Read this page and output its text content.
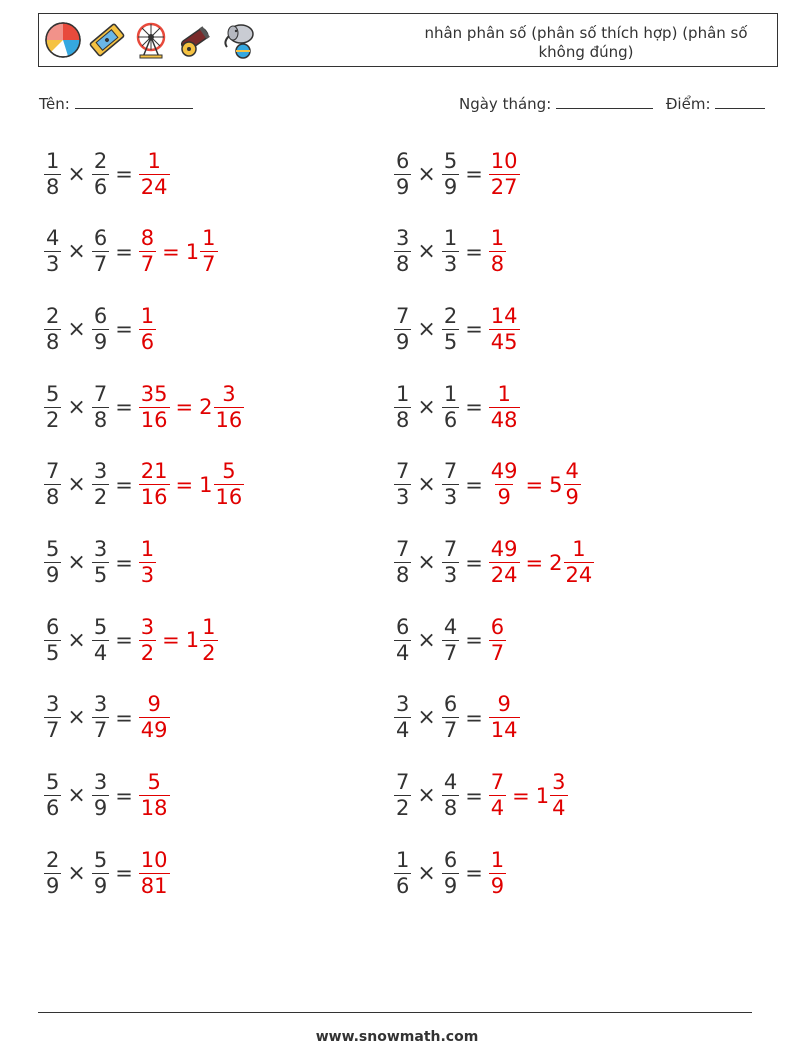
nhân phân số (phân số thích hợp) (phân số không đúng)
Tên:	Ngày tháng:	Điểm:
$\frac{1}{8} \times \frac{2}{6} = \frac{1}{24}$	$\frac{6}{9} \times \frac{5}{9} = \frac{10}{27}$
$\frac{4}{3} \times \frac{6}{7} = \frac{8}{7} = 1 \frac{1}{7}$	$\frac{3}{8} \times \frac{1}{3} = \frac{1}{8}$
$\frac{2}{8} \times \frac{6}{9} = \frac{1}{6}$	$\frac{7}{9} \times \frac{2}{5} = \frac{14}{45}$
$\frac{5}{2} \times \frac{7}{8} = \frac{35}{16} = 2 \frac{3}{16}$	$\frac{1}{8} \times \frac{1}{6} = \frac{1}{48}$
$\frac{7}{8} \times \frac{3}{2} = \frac{21}{16} = 1 \frac{5}{16}$	$\frac{7}{3} \times \frac{7}{3} = \frac{49}{9} = 5 \frac{4}{9}$
$\frac{5}{9} \times \frac{3}{5} = \frac{1}{3}$	$\frac{7}{8} \times \frac{7}{3} = \frac{49}{24} = 2 \frac{1}{24}$
$\frac{6}{5} \times \frac{5}{4} = \frac{3}{2} = 1 \frac{1}{2}$	$\frac{6}{4} \times \frac{4}{7} = \frac{6}{7}$
$\frac{3}{7} \times \frac{3}{7} = \frac{9}{49}$	$\frac{3}{4} \times \frac{6}{7} = \frac{9}{14}$
$\frac{5}{6} \times \frac{3}{9} = \frac{5}{18}$	$\frac{7}{2} \times \frac{4}{8} = \frac{7}{4} = 1 \frac{3}{4}$
$\frac{2}{9} \times \frac{5}{9} = \frac{10}{81}$	$\frac{1}{6} \times \frac{6}{9} = \frac{1}{9}$
www.snowmath.com
